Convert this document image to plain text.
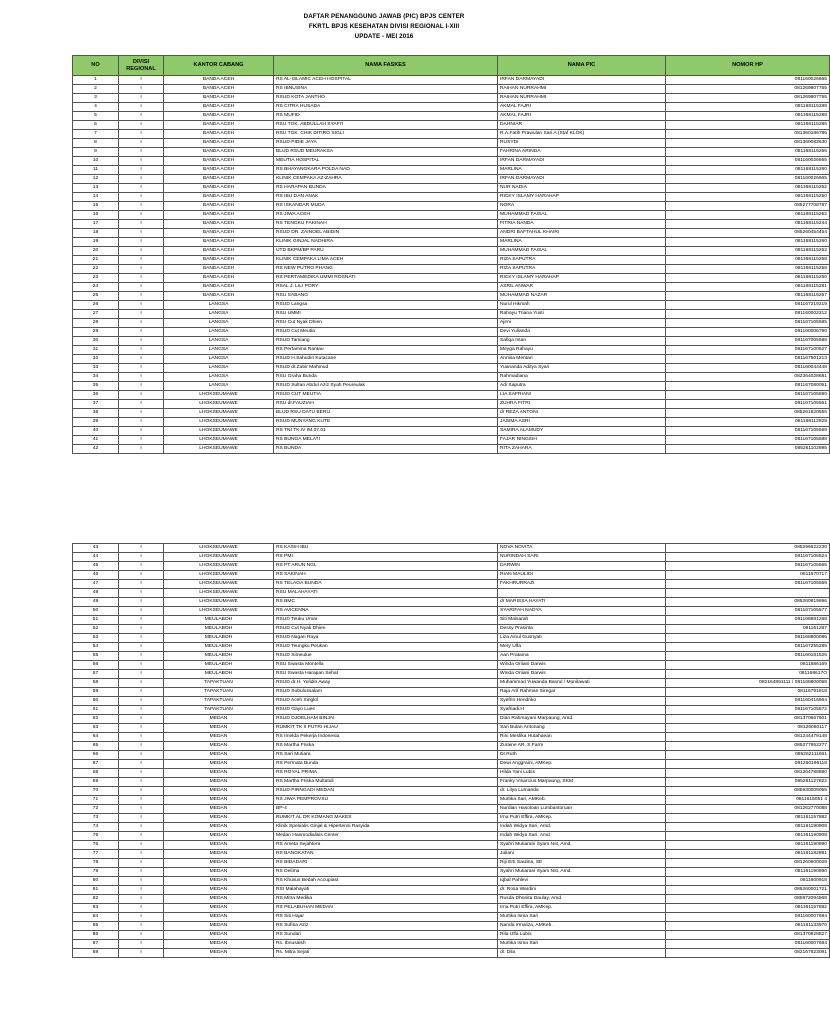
DAFTAR PENANGGUNG JAWAB (PIC) BPJS CENTER
FKRTL BPJS KESEHATAN DIVISI REGIONAL I-XIII
UPDATE - MEI 2016
NO	DIVISI REGIONAL	KANTOR CABANG	NAMA FASKES	NAMA PIC	NOMOR HP
1	I	BANDA ACEH	RS AL-ISLAMIC ACEH HOSPITAL	IRFAN DARMAYADI	081160026665
2	I	BANDA ACEH	RS IBNUSINA	RAIHAN NURRAHMI	081269807755
3	I	BANDA ACEH	RSUD KOTA JANTHO	RAIHAN NURRAHMI	081269807755
4	I	BANDA ACEH	RS CITRA HUSADA	AKMAL FAJRI	081168115288
5	I	BANDA ACEH	RS MUFID	AKMAL FAJRI	081168115288
6	I	BANDA ACEH	RSU TGK. ABDULLAH SYAFI'I	DAHNIAR	081168115285
7	I	BANDA ACEH	RSU TGK. CHIK DITIRO SIGLI	R.A.Fatih Prawulan Sari.A (Staf KLOK)	081360186786
8	I	BANDA ACEH	RSUD PIDIE JAYA	RUSYDI	081360083630
9	I	BANDA ACEH	BLUD RSUD MEURAKSA	FAHRINA ARINDA	081168115265
10	I	BANDA ACEH	MEUTIA HOSPITAL	IRFAN DARMAYADI	081160026665
11	I	BANDA ACEH	RS BHAYANGKARA POLDA NAD	MARLINA	081168115260
12	I	BANDA ACEH	KLINIK CEMPAKA AZ-ZAHRA	IRFAN DARMAYADI	081160026665
13	I	BANDA ACEH	RS HARAPAN BUNDA	NUR NADIA	081168115252
14	I	BANDA ACEH	RS IBU DAN ANAK	RICKY ISLAMY HARAHAP	081168115250
15	I	BANDA ACEH	RS ISKANDAR MUDA	NORA	085277708787
16	I	BANDA ACEH	RS JIWA ACEH	MUHAMMAD FAISAL	081168115262
17	I	BANDA ACEH	RS TENGKU FAKINAH	FITRIA NANDA	081168115244
18	I	BANDA ACEH	RSUD DR. ZAINOEL ABIDIN	ANDRI BAFTAHUL KHAIRI	085260454454
19	I	BANDA ACEH	KLINIK GINJAL NADHIRA	MARLINA	081168115260
20	I	BANDA ACEH	UTD BKPM/BP PARU	MUHAMMAD FAISAL	081168115262
21	I	BANDA ACEH	KLINIK CEMPAKA LIMA ACEH	RIZA SAPUTRA	081168115258
22	I	BANDA ACEH	RS NEW PUTRO PHANG	RIZA SAPUTRA	081168115258
23	I	BANDA ACEH	RS PERTAMEDIKA UMMI ROSNATI	RICKY ISLAMY HARAHAP	081168115250
24	I	BANDA ACEH	RSAL J. LILI PORY	ASRIL ANWAR	081168115281
25	I	BANDA ACEH	RSU SABANG	MUHAMMAD NAZAR	081168115267
26	I	LANGSA	RSUD Langsa	Nurul Hikmah	081167219219
27	I	LANGSA	RSU UMMI	Rahayu Triana Yusti	081160002212
28	I	LANGSA	RSU Cut Nyak Dhien	Ajirni	081167105585
29	I	LANGSA	RSUD Cut Meutia	Devi Yulianda	081160006790
30	I	LANGSA	RSUD Tamiang	Safiqa Intan	081167005588
31	I	LANGSA	RS Pertamina Rantau	Meyga Rahayu	081167100527
32	I	LANGSA	RSUD H.Sahudin Kutacane	Annisa Mentari	081167501213
33	I	LANGSA	RSUD dr.Zubir Mahmud	Yuananda Aditya Syari	081160044448
34	I	LANGSA	RSU Graha Bunda	Rahmadiana	082364028681
35	I	LANGSA	RSUD Sultan Abdul Aziz Syah Peureulak	Adi Saputra	081167080051
36	I	LHOKSEUMAWE	RSUD CUT MEUTIA	LIA SAFRIANI	081167105590
37	I	LHOKSEUMAWE	RSU dr.FAUZIAH	ZUHRA FITRI	081167105561
38	I	LHOKSEUMAWE	BLUD RSU DATU BERU	dr REZA ANTONI	085261820555
39	I	LHOKSEUMAWE	RSUD MUNYANG KUTE	JASIMA ASRI	081168112828
40	I	LHOKSEUMAWE	RS TNI TK.IV IM.07.01	SAMIRA ALAMUDY	081167105569
41	I	LHOKSEUMAWE	RS BUNGA MELATI	FAJAR NINGSIH	081167105588
42	I	LHOKSEUMAWE	RS BUNDA	RITA ZAHARA	085261102895
43	I	LHOKSEUMAWE	RS KASIH IBU	NOVA NOVITA	085296622230
44	I	LHOKSEUMAWE	RS PMI	NURINDAH SARI	081167105524
45	I	LHOKSEUMAWE	RS PT ARUN NGL	DARWIN	081167105565
46	I	LHOKSEUMAWE	RS SAKINAH	RIAN MAULIDI	0811670717
47	I	LHOKSEUMAWE	RS TELAGA BUNDA	FAKHRURRAZI	081167105559
48	I	LHOKSEUMAWE	RSU MALAHAYATI		
49	I	LHOKSEUMAWE	RS BMC	dr MARISSA HAYATI	085260819696
50	I	LHOKSEUMAWE	RS AVICENNA	SYARIFAH NADYA	081167105577
51	I	MEULABOH	RSUD Teuku Umar	Siti Maisarah	081168881268
52	I	MEULABOH	RSUD Cut Nyak Dhien	Dessy Prasinta	081161287
53	I	MEULABOH	RSUD Nagan Raya	Liza Ainul Gusriyati	081168800086
54	I	MEULABOH	RSUD Teungku Peukan	Mery Ulfa	081167255285
55	I	MEULABOH	RSUD Simeulue	Aan Pratama	081160181525
56	I	MEULABOH	RSU Swasta Montella	Winda Oriiani Darwis	0811686169
57	I	MEULABOH	RSU Swasta Harapan Sehat	Winda Oriiani Darwis	081168617O
58	I	TAPAKTUAN	RSUD dr.H. Yulidin Away	Muhammad Yuwanda Basrul / Munilawati	082164891111 / 081168800058
59	I	TAPAKTUAN	RSUD Subulussalam	Raja Arif Rahman Siregar	08116791818
60	I	TAPAKTUAN	RSUD Aceh Singkil	Syefrio Hendriko	081160416664
61	I	TAPAKTUAN	RSUD Gayo Lues	Syafriadi.H	081167105572
62	I	MEDAN	RSUD DJOELHAM BINJAI	Dian Rahmayani Marpaung, Amd.	081370667601
63	I	MEDAN	RUMKIT TK II PUTRI HIJAU	Sari Bulan Aritonang	08126060117
64	I	MEDAN	RS Imelda Pekerja Indonesia	Rini Meslika Hutahaean	081244479148
65	I	MEDAN	RS Martha Friska	Zuraine AR, S.Farm	085277952277
66	I	MEDAN	RS Sari Mutiara	Dr.Ruth	085262111661
67	I	MEDAN	RS Permata Bunda	Dewi Anggraini, AMKep.	081260196118
68	I	MEDAN	RS ROYAL PRIMA	Hilda Yani Lubis	081264788880
69	I	MEDAN	RS Martha Friska Multatuli	Franky Vinarcius Marpaung, SKM	085261127822
70	I	MEDAN	RSUD PIRNGADI MEDAN	dr. Lilya Lumanda	085930009055
71	I	MEDAN	RS JIWA PEMPROVSU	Murtika Sari, AMKeb.	0811615051 4
72	I	MEDAN	BP-4	Nurdian Hasoloan Lumbantoruan	081262770088
73	I	MEDAN	RUMKIT AL DR KOMANG MAKES	Irna Putri Effira, AMKep.	081161157882
74	I	MEDAN	Klinik Spesialis Ginjal & Hipertensi Rasyida	Indah Widya Sari, Amd.	081161190908
75	I	MEDAN	Medan Haemodialisis Center	Indah Widya Sari, Amd.	081161190908
76	I	MEDAN	RS Ameta Sejahtera	Syahri Mutiarani Syam Nst, Amd.	081161190890
77	I	MEDAN	RS BANGKATAN	Juliani	081161182881
78	I	MEDAN	RS BIDADARI	Riji Erti Saulina, SE	081260600029
79	I	MEDAN	RS Delima	Syahri Mutiarani Syam Nst, Amd.	081161190890
80	I	MEDAN	RS Khusus Bedah Accupiast	Iqbal Pahlevi	0811600918
81	I	MEDAN	RSI Malahayati	dr. Rosa Wardini	085260001721
82	I	MEDAN	RS Mitra Medika	Rusda Dhonita Daulay, Amd.	085872094568
83	I	MEDAN	RS PELABUHAN MEDAN	Irna Putri Effira, AMKep.	081161157882
84	I	MEDAN	RS Siti Hajar	Murtika Isma Sari	081160007684
85	I	MEDAN	RS Sufina Aziz	Nanda Irmaliza, AMKeb.	081161133970
86	I	MEDAN	RS Sundari	Rila Ulfa Lubis	081370928827
87	I	MEDAN	Rs. Ibnusalsh	Murtika Isma Sari	081160007684
88	I	MEDAN	Rs. Mitra Sejati	dr. Dila	082167623091
